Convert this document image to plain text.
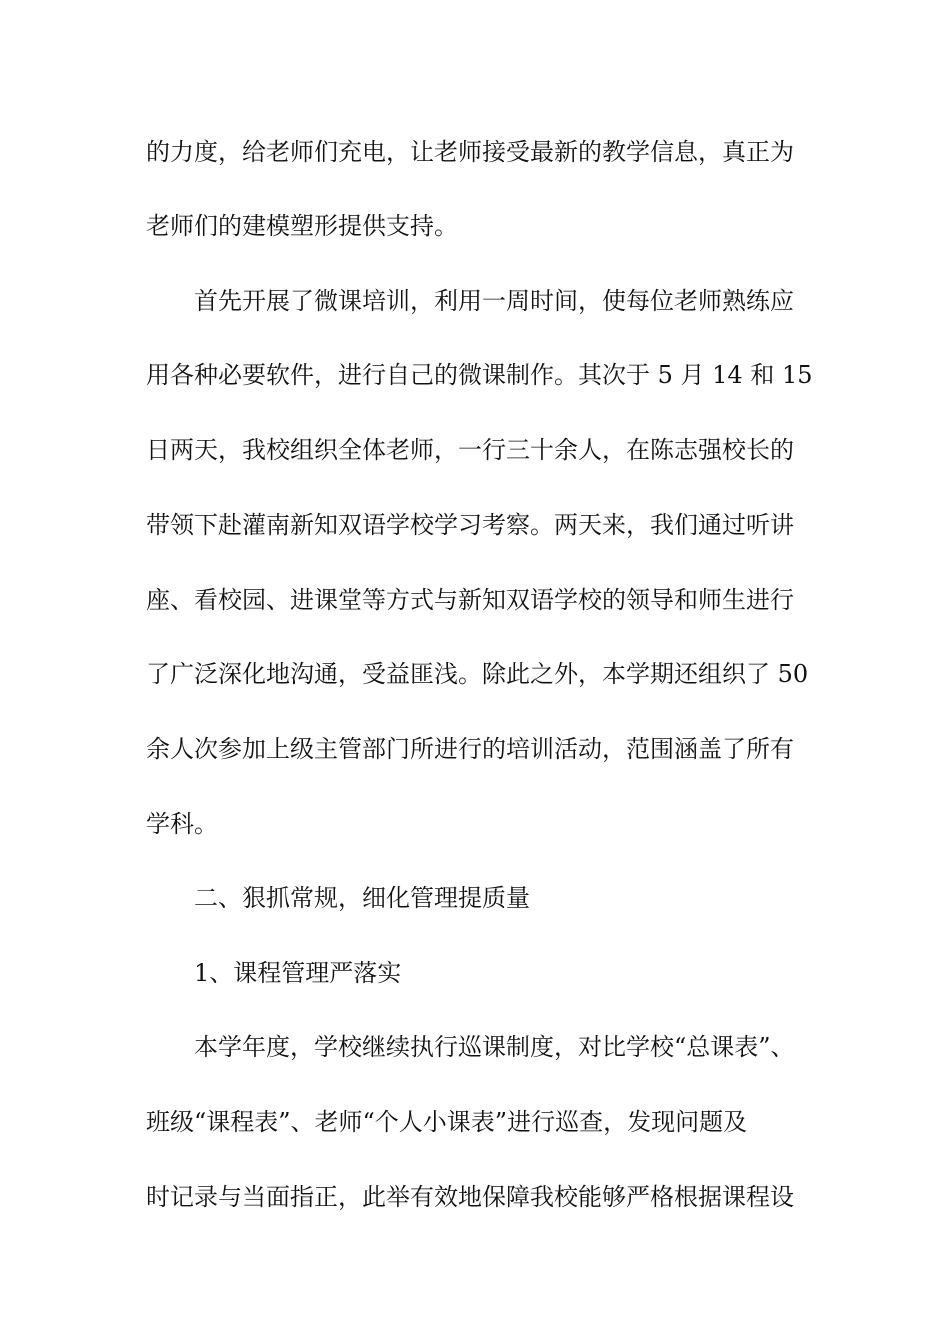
的力度，给老师们充电，让老师接受最新的教学信息，真正为
老师们的建模塑形提供支持。
首先开展了微课培训，利用一周时间，使每位老师熟练应
用各种必要软件，进行自己的微课制作。其次于 5 月 14 和 15
日两天，我校组织全体老师，一行三十余人，在陈志强校长的
带领下赴灌南新知双语学校学习考察。两天来，我们通过听讲
座、看校园、进课堂等方式与新知双语学校的领导和师生进行
了广泛深化地沟通，受益匪浅。除此之外，本学期还组织了 50
余人次参加上级主管部门所进行的培训活动，范围涵盖了所有
学科。
二、狠抓常规，细化管理提质量
1、课程管理严落实
本学年度，学校继续执行巡课制度，对比学校“总课表”、
班级“课程表”、老师“个人小课表”进行巡查，发现问题及
时记录与当面指正，此举有效地保障我校能够严格根据课程设
